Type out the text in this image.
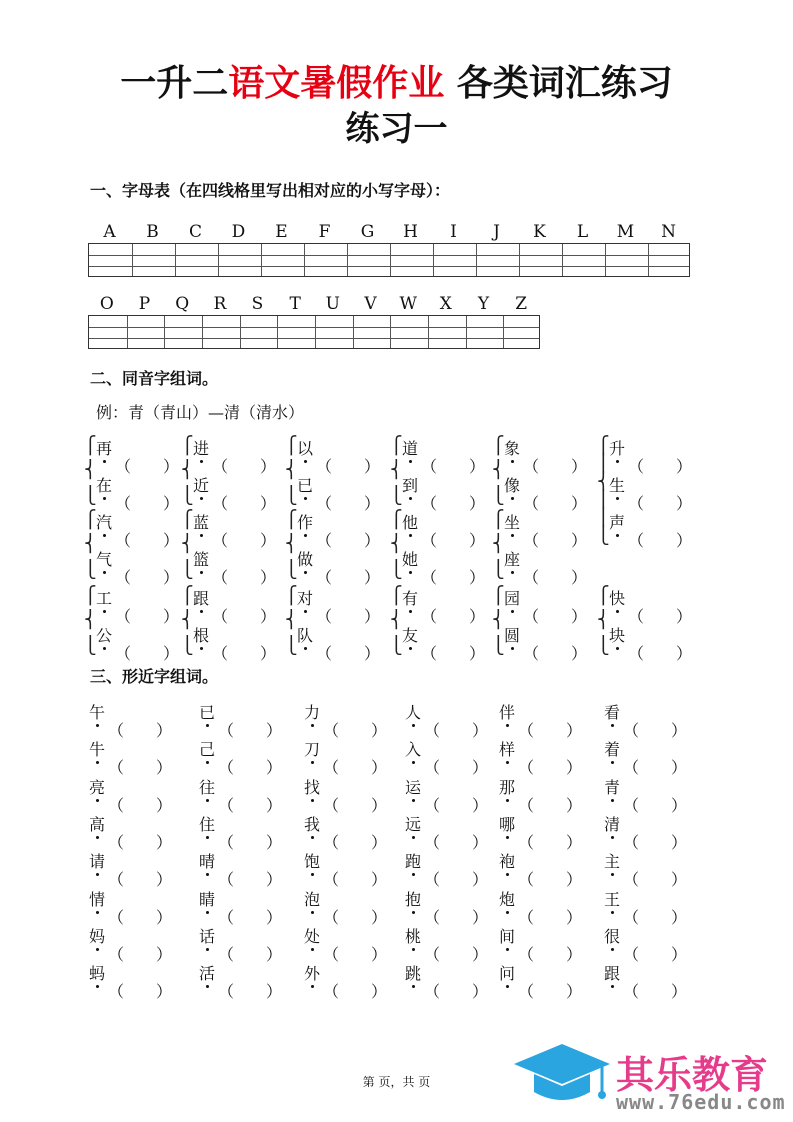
一升二语文暑假作业 各类词汇练习
练习一
一、字母表（在四线格里写出相对应的小写字母）：
A B C D E F G H I J K L M N
O P Q R S T U V W X Y Z
二、同音字组词。
例：青（青山）—清（清水）
⎧
⎨
⎩
再
（ ）
在
（ ）
⎧
⎨
⎩
进
（ ）
近
（ ）
⎧
⎨
⎩
以
（ ）
已
（ ）
⎧
⎨
⎩
道
（ ）
到
（ ）
⎧
⎨
⎩
象
（ ）
像
（ ）
⎧
⎨
⎩
汽
（ ）
气
（ ）
⎧
⎨
⎩
蓝
（ ）
篮
（ ）
⎧
⎨
⎩
作
（ ）
做
（ ）
⎧
⎨
⎩
他
（ ）
她
（ ）
⎧
⎨
⎩
坐
（ ）
座
（ ）
⎧
⎨
⎩
工
（ ）
公
（ ）
⎧
⎨
⎩
跟
（ ）
根
（ ）
⎧
⎨
⎩
对
（ ）
队
（ ）
⎧
⎨
⎩
有
（ ）
友
（ ）
⎧
⎨
⎩
园
（ ）
圆
（ ）
⎧
⎨
⎩
快
（ ）
块
（ ）
⎧
⎪
⎨
⎪
⎪
⎩
升
（ ）
生
（ ）
声
（ ）
三、形近字组词。
午
（ ）
已
（ ）
力
（ ）
人
（ ）
伴
（ ）
看
（ ）
牛
（ ）
己
（ ）
刀
（ ）
入
（ ）
样
（ ）
着
（ ）
亮
（ ）
往
（ ）
找
（ ）
运
（ ）
那
（ ）
青
（ ）
高
（ ）
住
（ ）
我
（ ）
远
（ ）
哪
（ ）
清
（ ）
请
（ ）
晴
（ ）
饱
（ ）
跑
（ ）
袍
（ ）
主
（ ）
情
（ ）
睛
（ ）
泡
（ ）
抱
（ ）
炮
（ ）
王
（ ）
妈
（ ）
话
（ ）
处
（ ）
桃
（ ）
间
（ ）
很
（ ）
蚂
（ ）
活
（ ）
外
（ ）
跳
（ ）
问
（ ）
跟
（ ）
第 页，共 页	其乐教育
www.76edu.com
